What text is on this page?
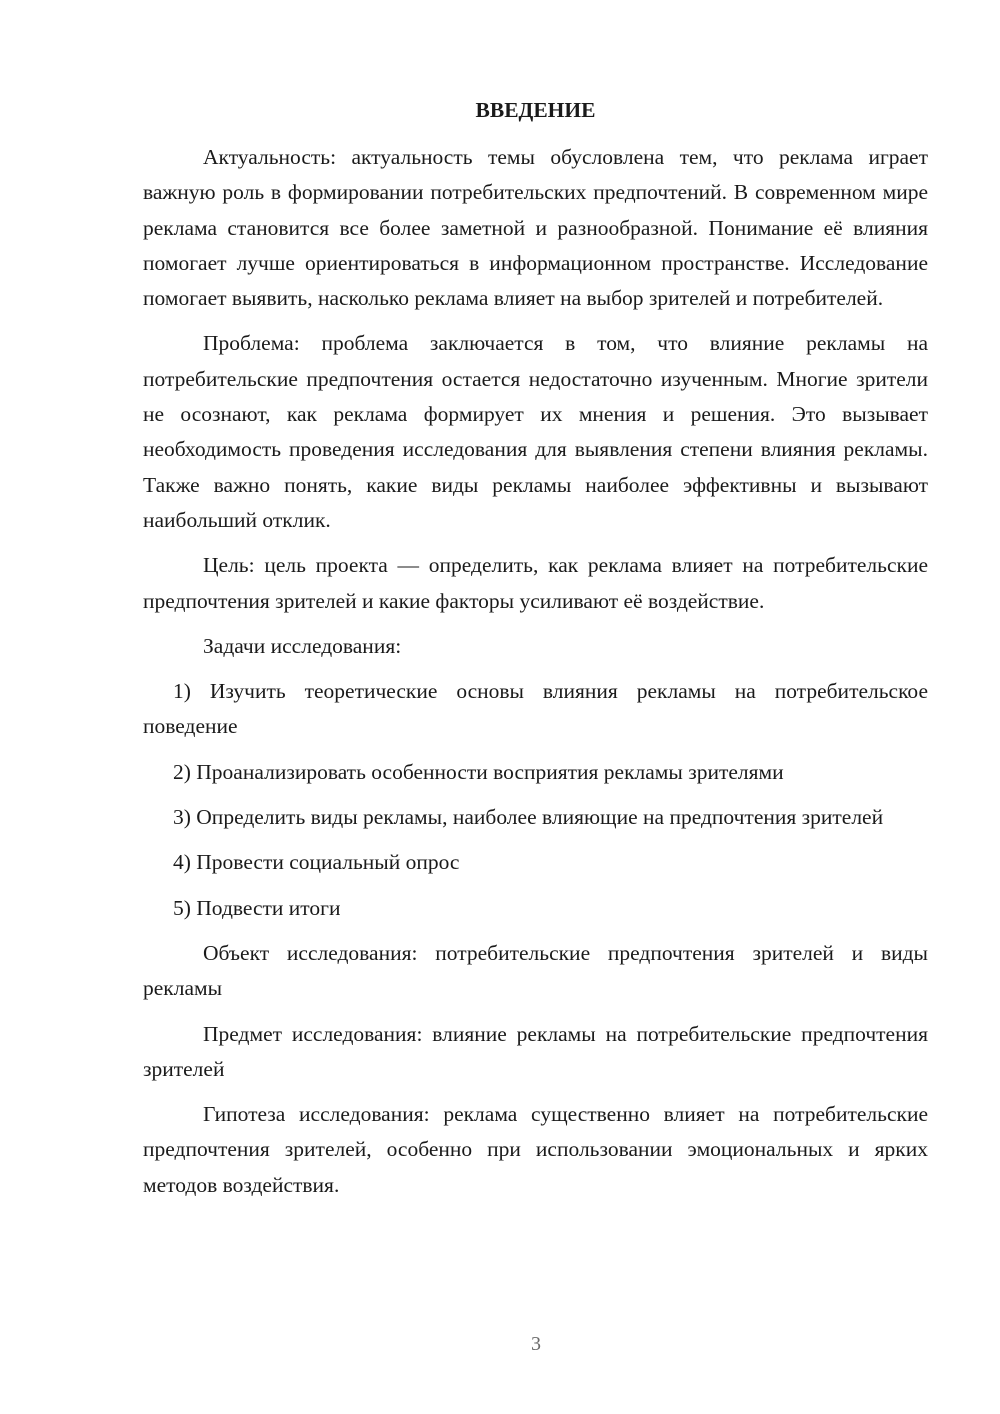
ВВЕДЕНИЕ

Актуальность: актуальность темы обусловлена тем, что реклама играет важную роль в формировании потребительских предпочтений. В современном мире реклама становится все более заметной и разнообразной. Понимание её влияния помогает лучше ориентироваться в информационном пространстве. Исследование помогает выявить, насколько реклама влияет на выбор зрителей и потребителей.

Проблема: проблема заключается в том, что влияние рекламы на потребительские предпочтения остается недостаточно изученным. Многие зрители не осознают, как реклама формирует их мнения и решения. Это вызывает необходимость проведения исследования для выявления степени влияния рекламы. Также важно понять, какие виды рекламы наиболее эффективны и вызывают наибольший отклик.

Цель: цель проекта — определить, как реклама влияет на потребительские предпочтения зрителей и какие факторы усиливают её воздействие.

Задачи исследования:

1) Изучить теоретические основы влияния рекламы на потребительское поведение

2) Проанализировать особенности восприятия рекламы зрителями

3) Определить виды рекламы, наиболее влияющие на предпочтения зрителей

4) Провести социальный опрос

5) Подвести итоги

Объект исследования: потребительские предпочтения зрителей и виды рекламы

Предмет исследования: влияние рекламы на потребительские предпочтения зрителей

Гипотеза исследования: реклама существенно влияет на потребительские предпочтения зрителей, особенно при использовании эмоциональных и ярких методов воздействия.

3
